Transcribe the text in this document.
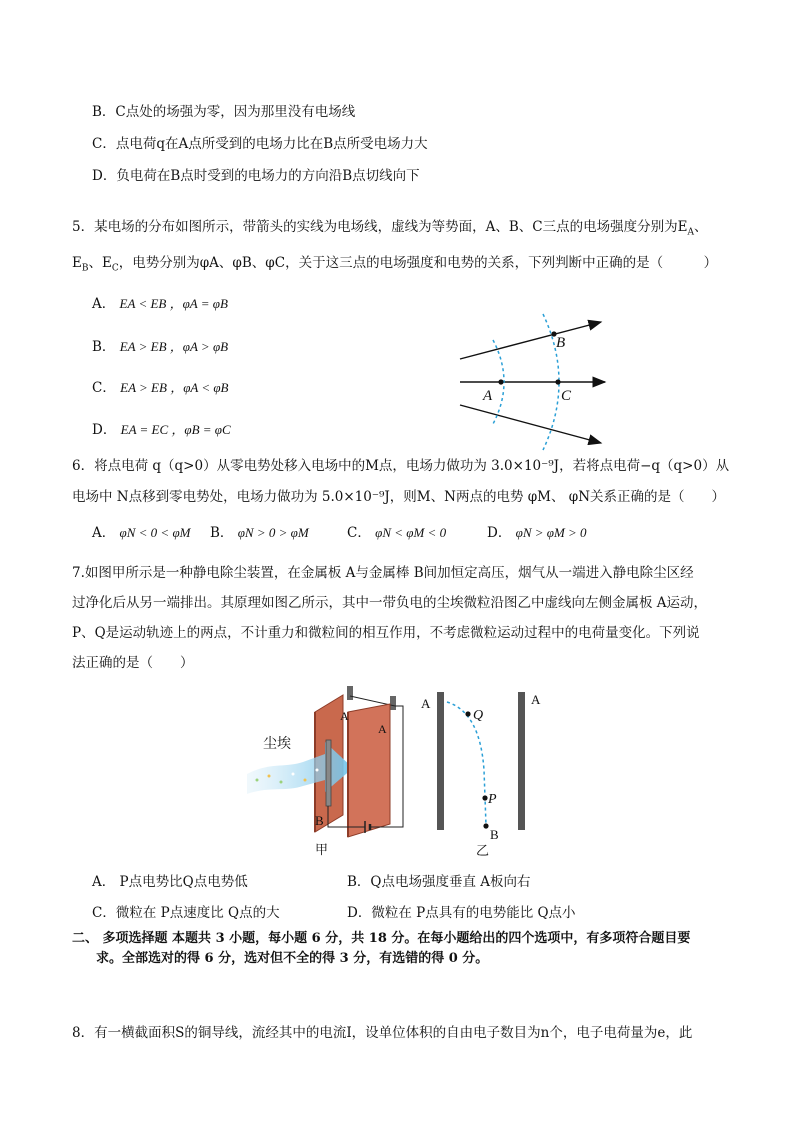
B．C点处的场强为零，因为那里没有电场线
C．点电荷q在A点所受到的电场力比在B点所受电场力大
D．负电荷在B点时受到的电场力的方向沿B点切线向下
5．某电场的分布如图所示，带箭头的实线为电场线，虚线为等势面，A、B、C三点的电场强度分别为$E_A$、
$E_B$、$E_C$，电势分别为φA、φB、φC，关于这三点的电场强度和电势的关系，下列判断中正确的是（　　　）
A． EA < EB ，φA = φB
B． EA > EB ，φA > φB
C． EA > EB ，φA < φB
D． EA = EC ，φB = φC
A
B
C
6．将点电荷 q（q>0）从零电势处移入电场中的M点，电场力做功为 3.0×10⁻⁹J，若将点电荷−q（q>0）从
电场中 N点移到零电势处，电场力做功为 5.0×10⁻⁹J，则M、N两点的电势 φM、 φN关系正确的是（　　）
A． φN < 0 < φM B． φN > 0 > φM	C． φN < φM < 0	D． φN > φM > 0
7.如图甲所示是一种静电除尘装置，在金属板 A与金属棒 B间加恒定高压，烟气从一端进入静电除尘区经
过净化后从另一端排出。其原理如图乙所示，其中一带负电的尘埃微粒沿图乙中虚线向左侧金属板 A运动，
P、Q是运动轨迹上的两点，不计重力和微粒间的相互作用，不考虑微粒运动过程中的电荷量变化。下列说
法正确的是（　　）
尘埃
A
A
B
甲
A	A
Q
P
B
乙
A． P点电势比Q点电势低	B．Q点电场强度垂直 A板向右
C．微粒在 P点速度比 Q点的大	D．微粒在 P点具有的电势能比 Q点小
二、 多项选择题 本题共 3 小题，每小题 6 分，共 18 分。在每小题给出的四个选项中，有多项符合题目要
求。全部选对的得 6 分，选对但不全的得 3 分，有选错的得 0 分。
8．有一横截面积S的铜导线，流经其中的电流I，设单位体积的自由电子数目为n个，电子电荷量为e，此
